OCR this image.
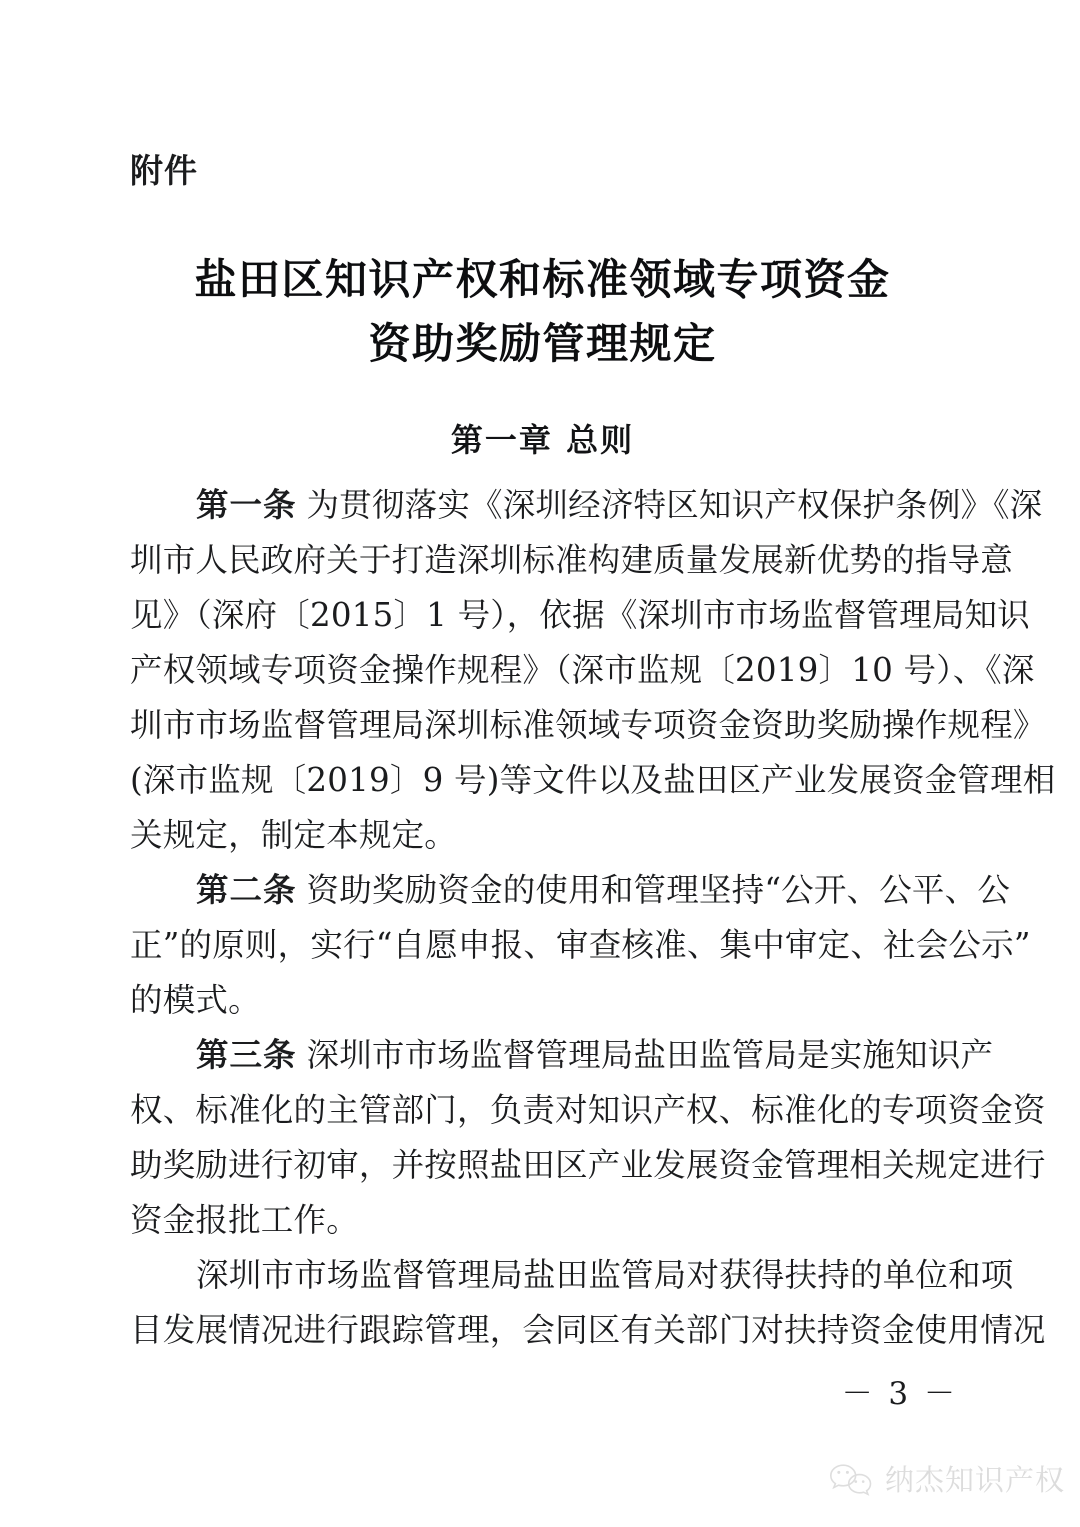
附件
盐田区知识产权和标准领域专项资金
资助奖励管理规定
第一章 总则
第一条 为贯彻落实《深圳经济特区知识产权保护条例》《深
圳市人民政府关于打造深圳标准构建质量发展新优势的指导意
见》（深府〔2015〕1 号），依据《深圳市市场监督管理局知识
产权领域专项资金操作规程》（深市监规〔2019〕10 号）、《深
圳市市场监督管理局深圳标准领域专项资金资助奖励操作规程》
(深市监规〔2019〕9 号)等文件以及盐田区产业发展资金管理相
关规定，制定本规定。
第二条 资助奖励资金的使用和管理坚持“公开、公平、公
正”的原则，实行“自愿申报、审查核准、集中审定、社会公示”
的模式。
第三条 深圳市市场监督管理局盐田监管局是实施知识产
权、标准化的主管部门，负责对知识产权、标准化的专项资金资
助奖励进行初审，并按照盐田区产业发展资金管理相关规定进行
资金报批工作。
深圳市市场监督管理局盐田监管局对获得扶持的单位和项
目发展情况进行跟踪管理，会同区有关部门对扶持资金使用情况
－ 3 －
纳杰知识产权
